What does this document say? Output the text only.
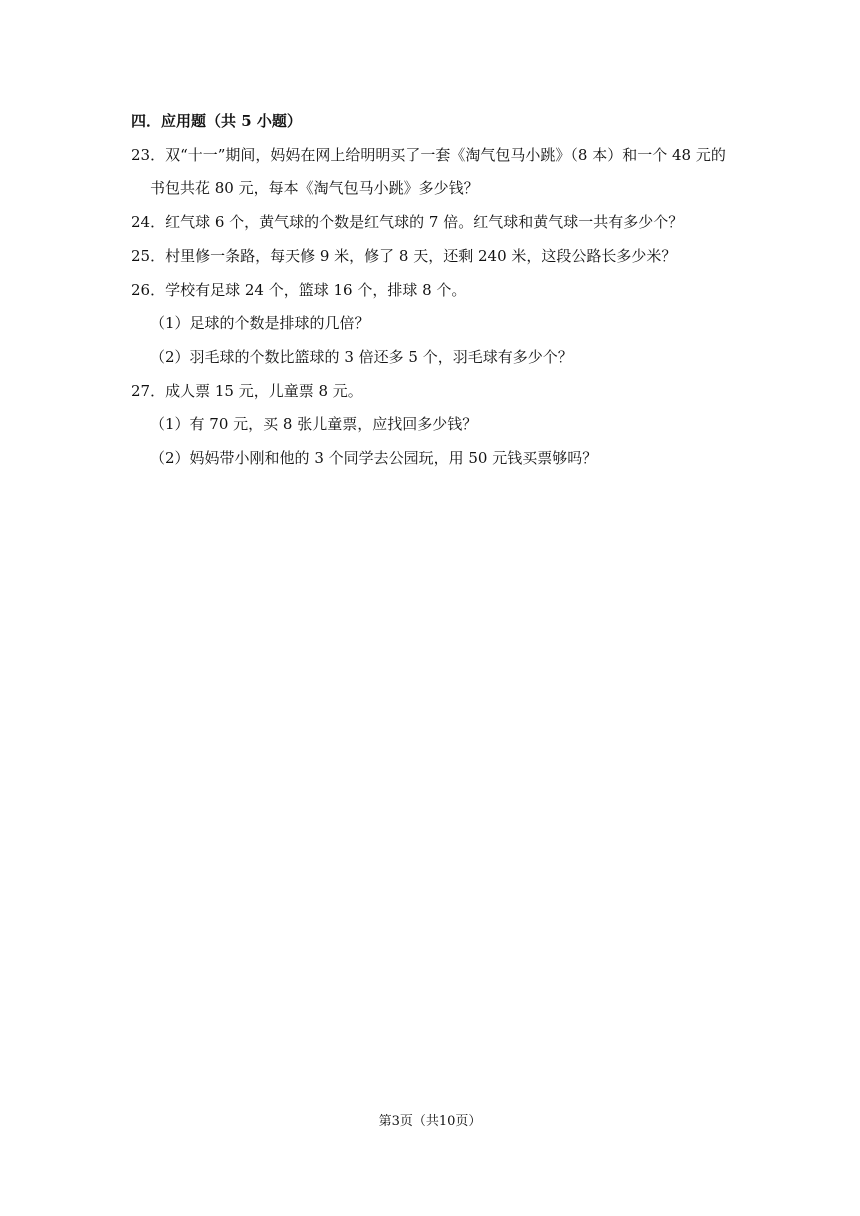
四．应用题（共 5 小题）
23．双“十一”期间，妈妈在网上给明明买了一套《淘气包马小跳》（8 本）和一个 48 元的
书包共花 80 元，每本《淘气包马小跳》多少钱？
24．红气球 6 个，黄气球的个数是红气球的 7 倍。红气球和黄气球一共有多少个？
25．村里修一条路，每天修 9 米，修了 8 天，还剩 240 米，这段公路长多少米？
26．学校有足球 24 个，篮球 16 个，排球 8 个。
（1）足球的个数是排球的几倍？
（2）羽毛球的个数比篮球的 3 倍还多 5 个，羽毛球有多少个？
27．成人票 15 元，儿童票 8 元。
（1）有 70 元，买 8 张儿童票，应找回多少钱？
（2）妈妈带小刚和他的 3 个同学去公园玩，用 50 元钱买票够吗？
第3页（共10页）
